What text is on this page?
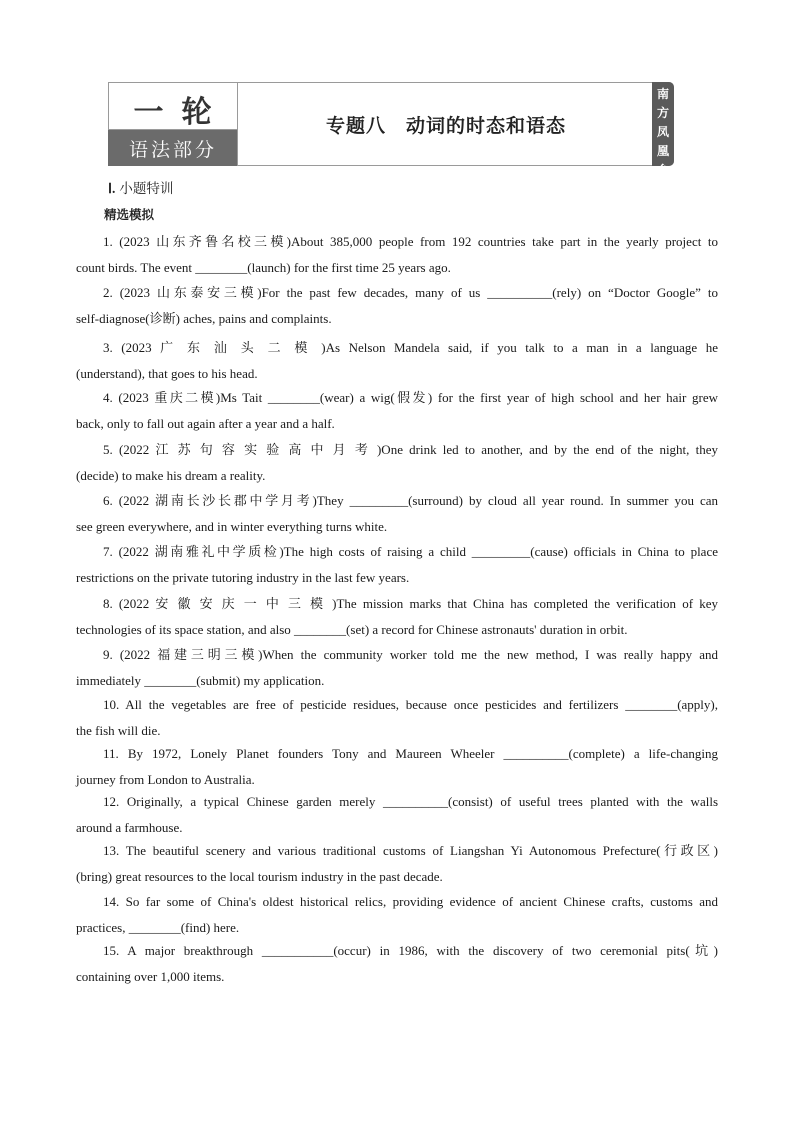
一轮
语法部分
专题八　动词的时态和语态
南
方
凤
凰
台
Ⅰ. 小题特训
精选模拟
1. (2023 山东齐鲁名校三模)About 385,000 people from 192 countries take part in the yearly project to
count birds. The event ________(launch) for the first time 25 years ago.
2. (2023 山东泰安三模)For the past few decades, many of us __________(rely) on “Doctor Google” to
self-diagnose(诊断) aches, pains and complaints.
3. (2023 广 东 汕 头 二 模 )As Nelson Mandela said, if you talk to a man in a language he
(understand), that goes to his head.
4. (2023 重庆二模)Ms Tait ________(wear) a wig(假发) for the first year of high school and her hair grew
back, only to fall out again after a year and a half.
5. (2022 江 苏 句 容 实 验 高 中 月 考 )One drink led to another, and by the end of the night, they
(decide) to make his dream a reality.
6. (2022 湖南长沙长郡中学月考)They _________(surround) by cloud all year round. In summer you can
see green everywhere, and in winter everything turns white.
7. (2022 湖南雅礼中学质检)The high costs of raising a child _________(cause) officials in China to place
restrictions on the private tutoring industry in the last few years.
8. (2022 安 徽 安 庆 一 中 三 模 )The mission marks that China has completed the verification of key
technologies of its space station, and also ________(set) a record for Chinese astronauts' duration in orbit.
9. (2022 福建三明三模)When the community worker told me the new method, I was really happy and
immediately ________(submit) my application.
10. All the vegetables are free of pesticide residues, because once pesticides and fertilizers ________(apply),
the fish will die.
11. By 1972, Lonely Planet founders Tony and Maureen Wheeler __________(complete) a life-changing
journey from London to Australia.
12. Originally, a typical Chinese garden merely __________(consist) of useful trees planted with the walls
around a farmhouse.
13. The beautiful scenery and various traditional customs of Liangshan Yi Autonomous Prefecture(行政区)
(bring) great resources to the local tourism industry in the past decade.
14. So far some of China's oldest historical relics, providing evidence of ancient Chinese crafts, customs and
practices, ________(find) here.
15. A major breakthrough ___________(occur) in 1986, with the discovery of two ceremonial pits(坑)
containing over 1,000 items.
